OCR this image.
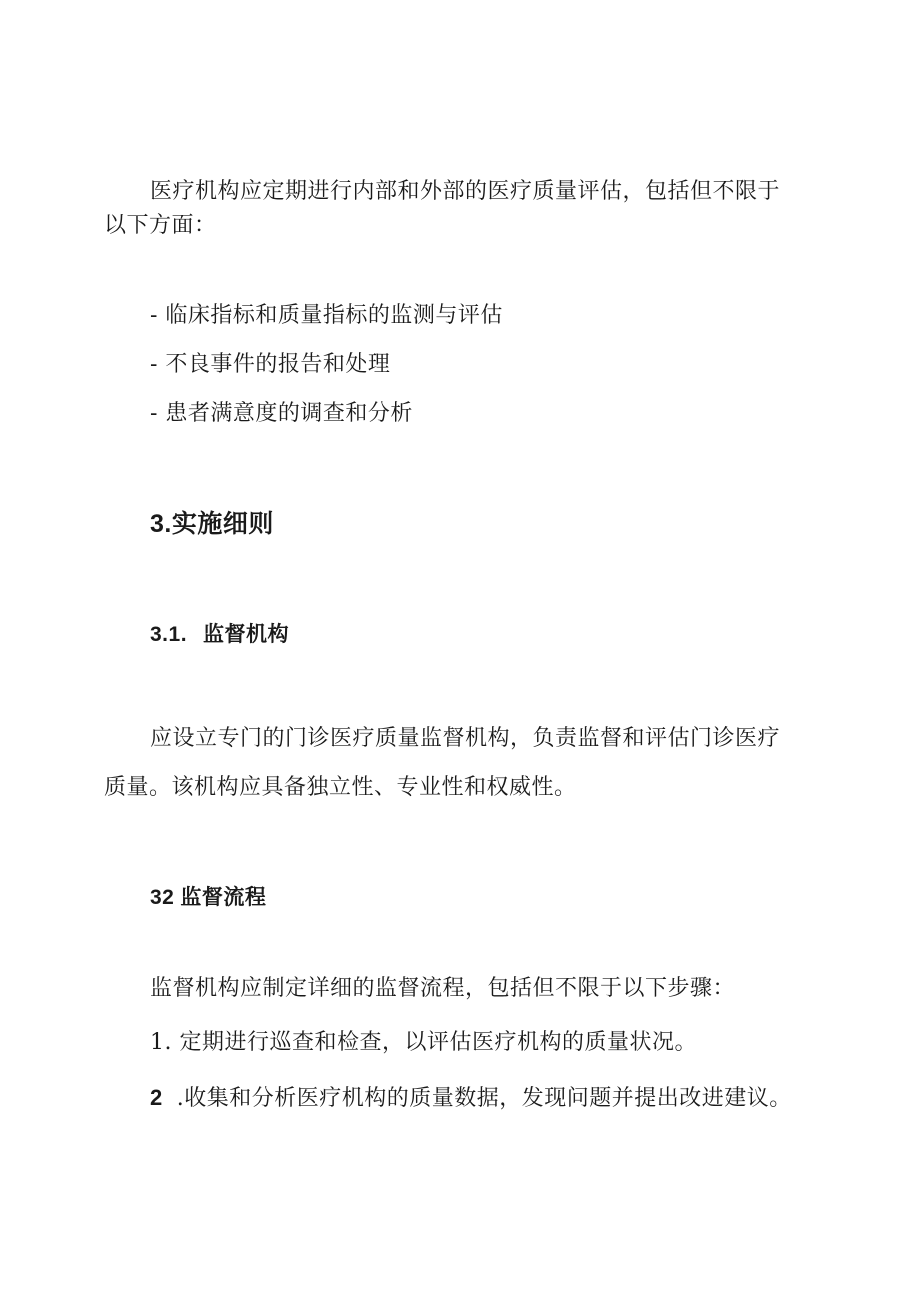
医疗机构应定期进行内部和外部的医疗质量评估，包括但不限于
以下方面：
- 临床指标和质量指标的监测与评估
- 不良事件的报告和处理
- 患者满意度的调查和分析
3.实施细则
3.1. 监督机构
应设立专门的门诊医疗质量监督机构，负责监督和评估门诊医疗
质量。该机构应具备独立性、专业性和权威性。
32 监督流程
监督机构应制定详细的监督流程，包括但不限于以下步骤：
1. 定期进行巡查和检查，以评估医疗机构的质量状况。
2 .收集和分析医疗机构的质量数据，发现问题并提出改进建议。
